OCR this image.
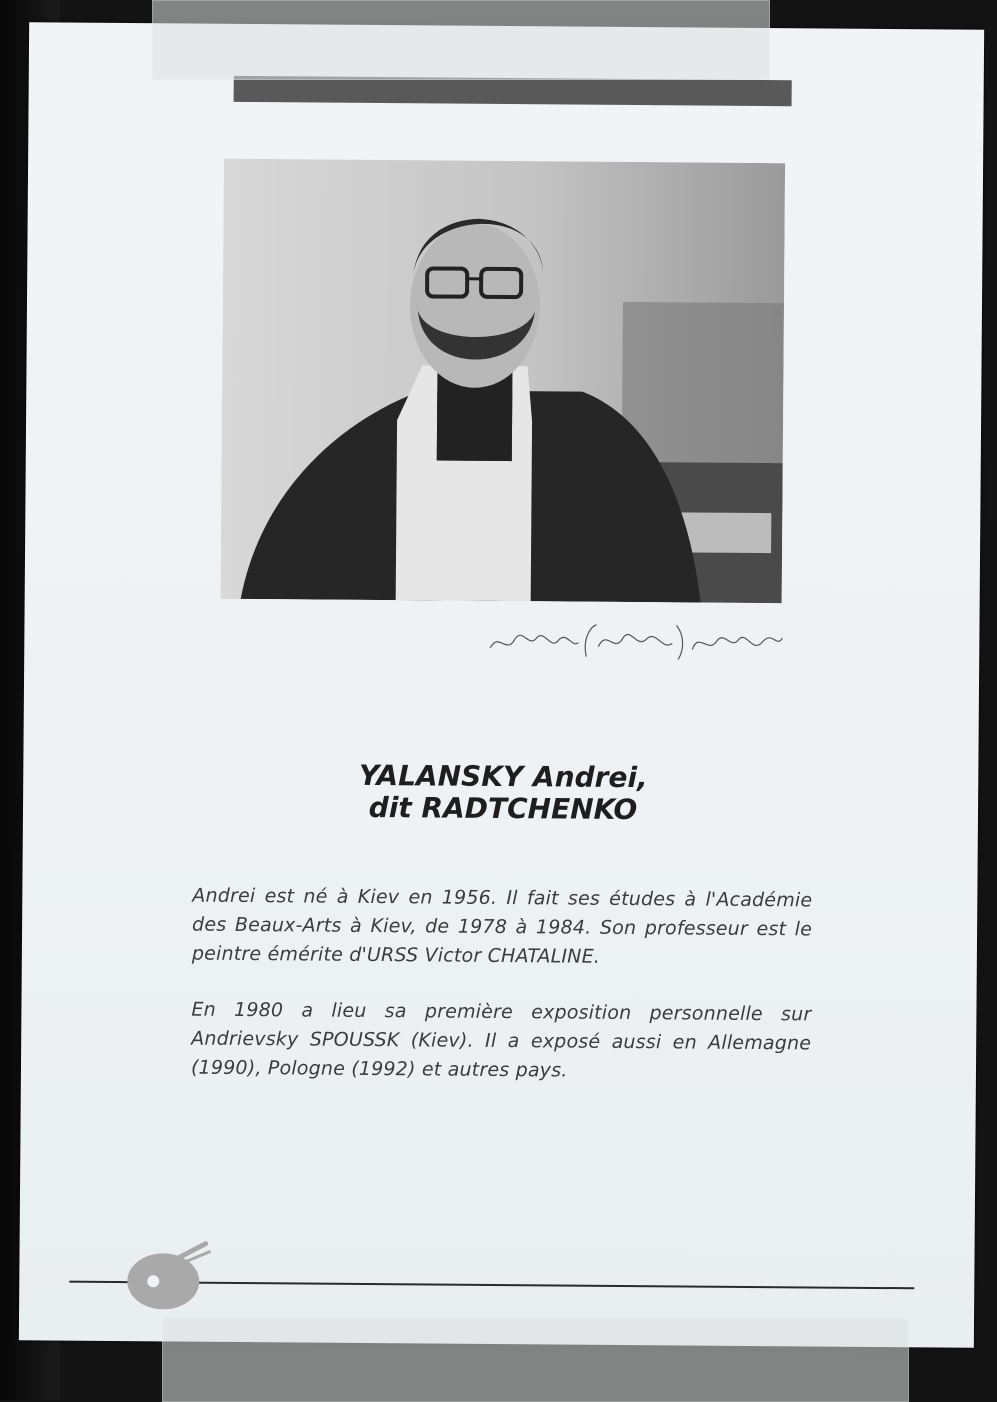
YALANSKY Andrei,
dit RADTCHENKO

Andrei est né à Kiev en 1956. Il fait ses études à l'Académie des Beaux-Arts à Kiev, de 1978 à 1984. Son professeur est le peintre émérite d'URSS Victor CHATALINE.

En 1980 a lieu sa première exposition personnelle sur Andrievsky SPOUSSK (Kiev). Il a exposé aussi en Allemagne (1990), Pologne (1992) et autres pays.
